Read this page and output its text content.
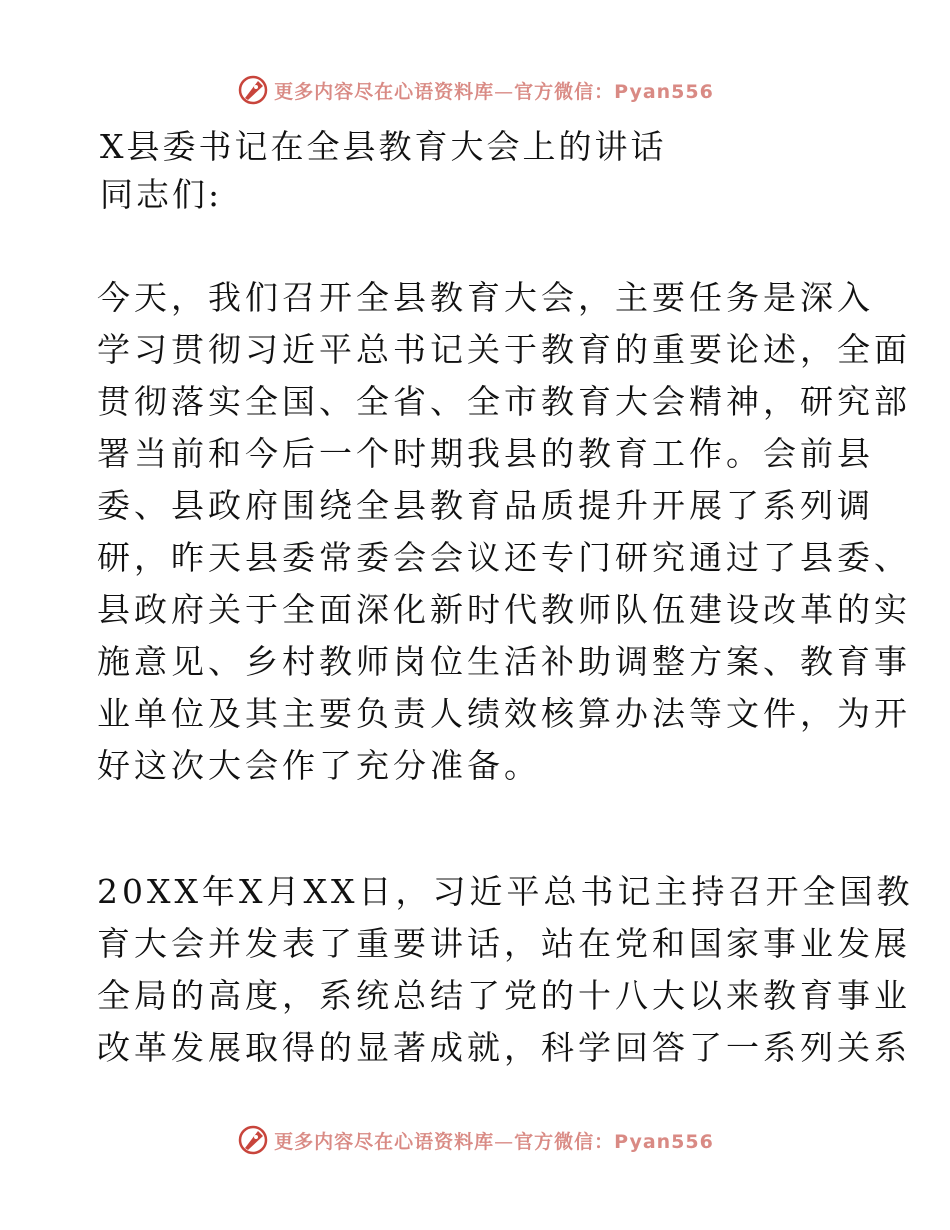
更多内容尽在心语资料库—官方微信：Pyan556
X县委书记在全县教育大会上的讲话

同志们:

今天，我们召开全县教育大会，主要任务是深入
学习贯彻习近平总书记关于教育的重要论述，全面
贯彻落实全国、全省、全市教育大会精神，研究部
署当前和今后一个时期我县的教育工作。会前县
委、县政府围绕全县教育品质提升开展了系列调
研，昨天县委常委会会议还专门研究通过了县委、
县政府关于全面深化新时代教师队伍建设改革的实
施意见、乡村教师岗位生活补助调整方案、教育事
业单位及其主要负责人绩效核算办法等文件，为开
好这次大会作了充分准备。
20XX年X月XX日，习近平总书记主持召开全国教
育大会并发表了重要讲话，站在党和国家事业发展
全局的高度，系统总结了党的十八大以来教育事业
改革发展取得的显著成就，科学回答了一系列关系
更多内容尽在心语资料库—官方微信：Pyan556
